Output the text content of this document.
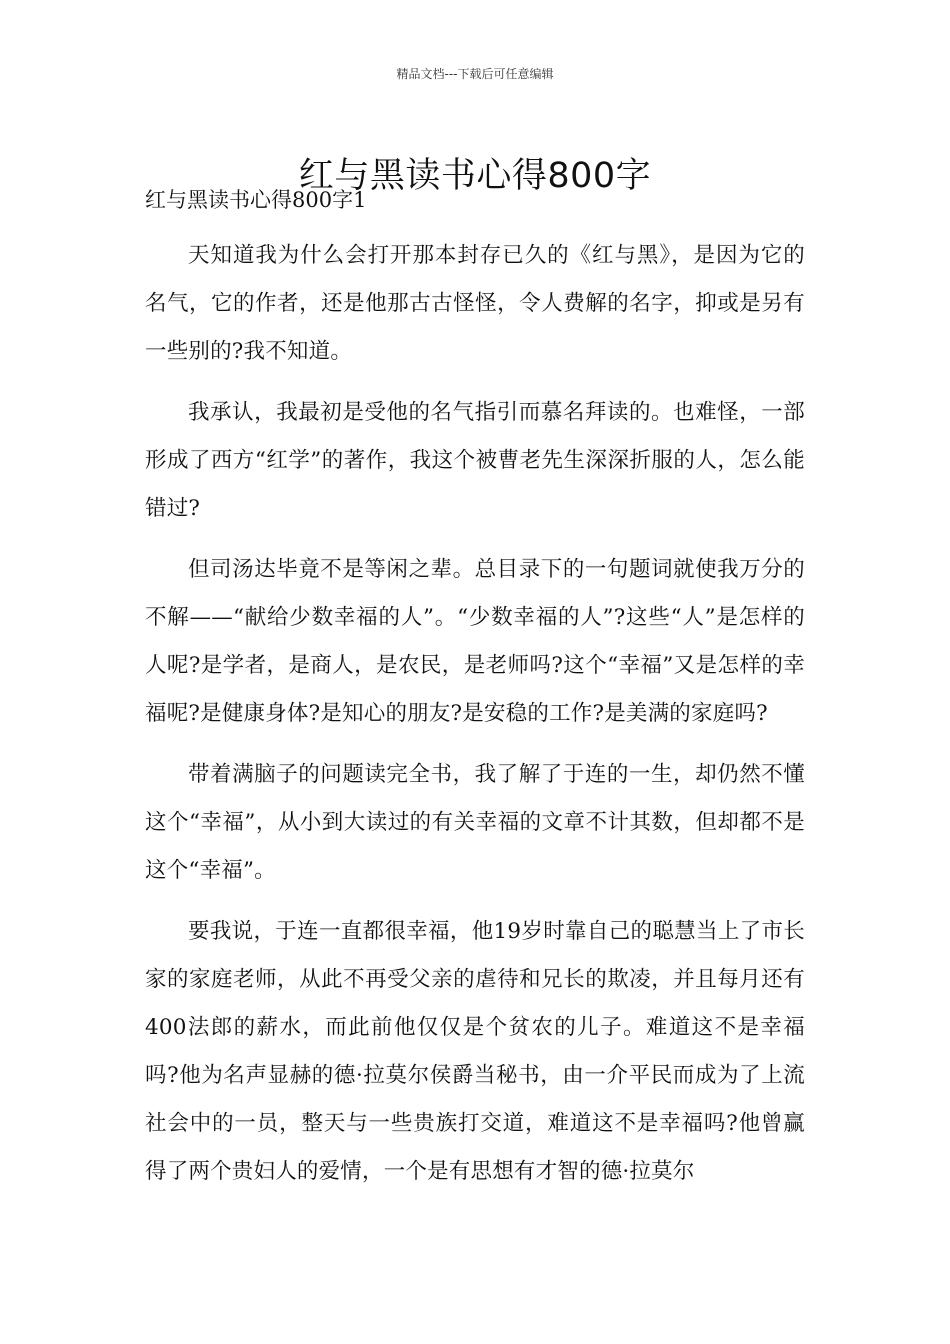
精品文档---下载后可任意编辑
红与黑读书心得800字
红与黑读书心得800字1

天知道我为什么会打开那本封存已久的《红与黑》，是因为它的名气，它的作者，还是他那古古怪怪，令人费解的名字，抑或是另有一些别的?我不知道。

我承认，我最初是受他的名气指引而慕名拜读的。也难怪，一部形成了西方“红学”的著作，我这个被曹老先生深深折服的人，怎么能错过?

但司汤达毕竟不是等闲之辈。总目录下的一句题词就使我万分的不解——“献给少数幸福的人”。“少数幸福的人”?这些“人”是怎样的人呢?是学者，是商人，是农民，是老师吗?这个“幸福”又是怎样的幸福呢?是健康身体?是知心的朋友?是安稳的工作?是美满的家庭吗?

带着满脑子的问题读完全书，我了解了于连的一生，却仍然不懂这个“幸福”，从小到大读过的有关幸福的文章不计其数，但却都不是这个“幸福”。

要我说，于连一直都很幸福，他19岁时靠自己的聪慧当上了市长家的家庭老师，从此不再受父亲的虐待和兄长的欺凌，并且每月还有400法郎的薪水，而此前他仅仅是个贫农的儿子。难道这不是幸福吗?他为名声显赫的德·拉莫尔侯爵当秘书，由一介平民而成为了上流社会中的一员，整天与一些贵族打交道，难道这不是幸福吗?他曾赢得了两个贵妇人的爱情，一个是有思想有才智的德·拉莫尔
